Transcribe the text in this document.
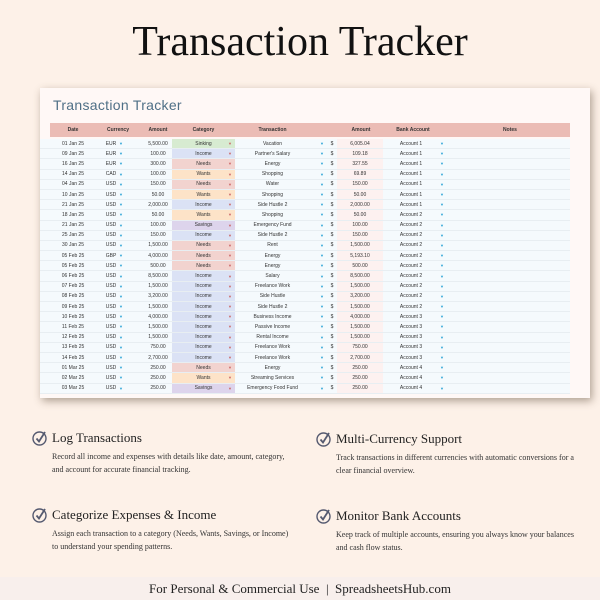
Transaction Tracker
Transaction Tracker
Date	Currency	Amount	Category	Transaction	Amount	Bank Account	Notes
01 Jan 25	EUR ▼	5,500.00	Sinking	▼	Vacation	▼	$	6,005.04	Account 1	▼
09 Jan 25	EUR ▼	100.00	Income	▼	Partner's Salary	▼	$	109.18	Account 1	▼
16 Jan 25	EUR ▼	300.00	Needs	▼	Energy	▼	$	327.55	Account 1	▼
14 Jan 25	CAD ▼	100.00	Wants	▼	Shopping	▼	$	69.89	Account 1	▼
04 Jan 25	USD ▼	150.00	Needs	▼	Water	▼	$	150.00	Account 1	▼
10 Jan 25	USD ▼	50.00	Wants	▼	Shopping	▼	$	50.00	Account 1	▼
21 Jan 25	USD ▼	2,000.00	Income	▼	Side Hustle 2	▼	$	2,000.00	Account 1	▼
18 Jan 25	USD ▼	50.00	Wants	▼	Shopping	▼	$	50.00	Account 2	▼
21 Jan 25	USD ▼	100.00	Savings	▼	Emergency Fund	▼	$	100.00	Account 2	▼
25 Jan 25	USD ▼	150.00	Income	▼	Side Hustle 2	▼	$	150.00	Account 2	▼
30 Jan 25	USD ▼	1,500.00	Needs	▼	Rent	▼	$	1,500.00	Account 2	▼
05 Feb 25	GBP ▼	4,000.00	Needs	▼	Energy	▼	$	5,193.10	Account 2	▼
05 Feb 25	USD ▼	500.00	Needs	▼	Energy	▼	$	500.00	Account 2	▼
06 Feb 25	USD ▼	8,500.00	Income	▼	Salary	▼	$	8,500.00	Account 2	▼
07 Feb 25	USD ▼	1,500.00	Income	▼	Freelance Work	▼	$	1,500.00	Account 2	▼
08 Feb 25	USD ▼	3,200.00	Income	▼	Side Hustle	▼	$	3,200.00	Account 2	▼
09 Feb 25	USD ▼	1,500.00	Income	▼	Side Hustle 2	▼	$	1,500.00	Account 2	▼
10 Feb 25	USD ▼	4,000.00	Income	▼	Business Income	▼	$	4,000.00	Account 3	▼
11 Feb 25	USD ▼	1,500.00	Income	▼	Passive Income	▼	$	1,500.00	Account 3	▼
12 Feb 25	USD ▼	1,500.00	Income	▼	Rental Income	▼	$	1,500.00	Account 3	▼
13 Feb 25	USD ▼	750.00	Income	▼	Freelance Work	▼	$	750.00	Account 3	▼
14 Feb 25	USD ▼	2,700.00	Income	▼	Freelance Work	▼	$	2,700.00	Account 3	▼
01 Mar 25	USD ▼	250.00	Needs	▼	Energy	▼	$	250.00	Account 4	▼
02 Mar 25	USD ▼	250.00	Wants	▼	Streaming Services	▼	$	250.00	Account 4	▼
03 Mar 25	USD ▼	250.00	Savings	▼	Emergency Food Fund	▼	$	250.00	Account 4	▼
Log Transactions

Record all income and expenses with details like date, amount, category, and account for accurate financial tracking.

Multi-Currency Support

Track transactions in different currencies with automatic conversions for a clear financial overview.

Categorize Expenses & Income

Assign each transaction to a category (Needs, Wants, Savings, or Income) to understand your spending patterns.

Monitor Bank Accounts

Keep track of multiple accounts, ensuring you always know your balances and cash flow status.

For Personal & Commercial Use  |  SpreadsheetsHub.com
